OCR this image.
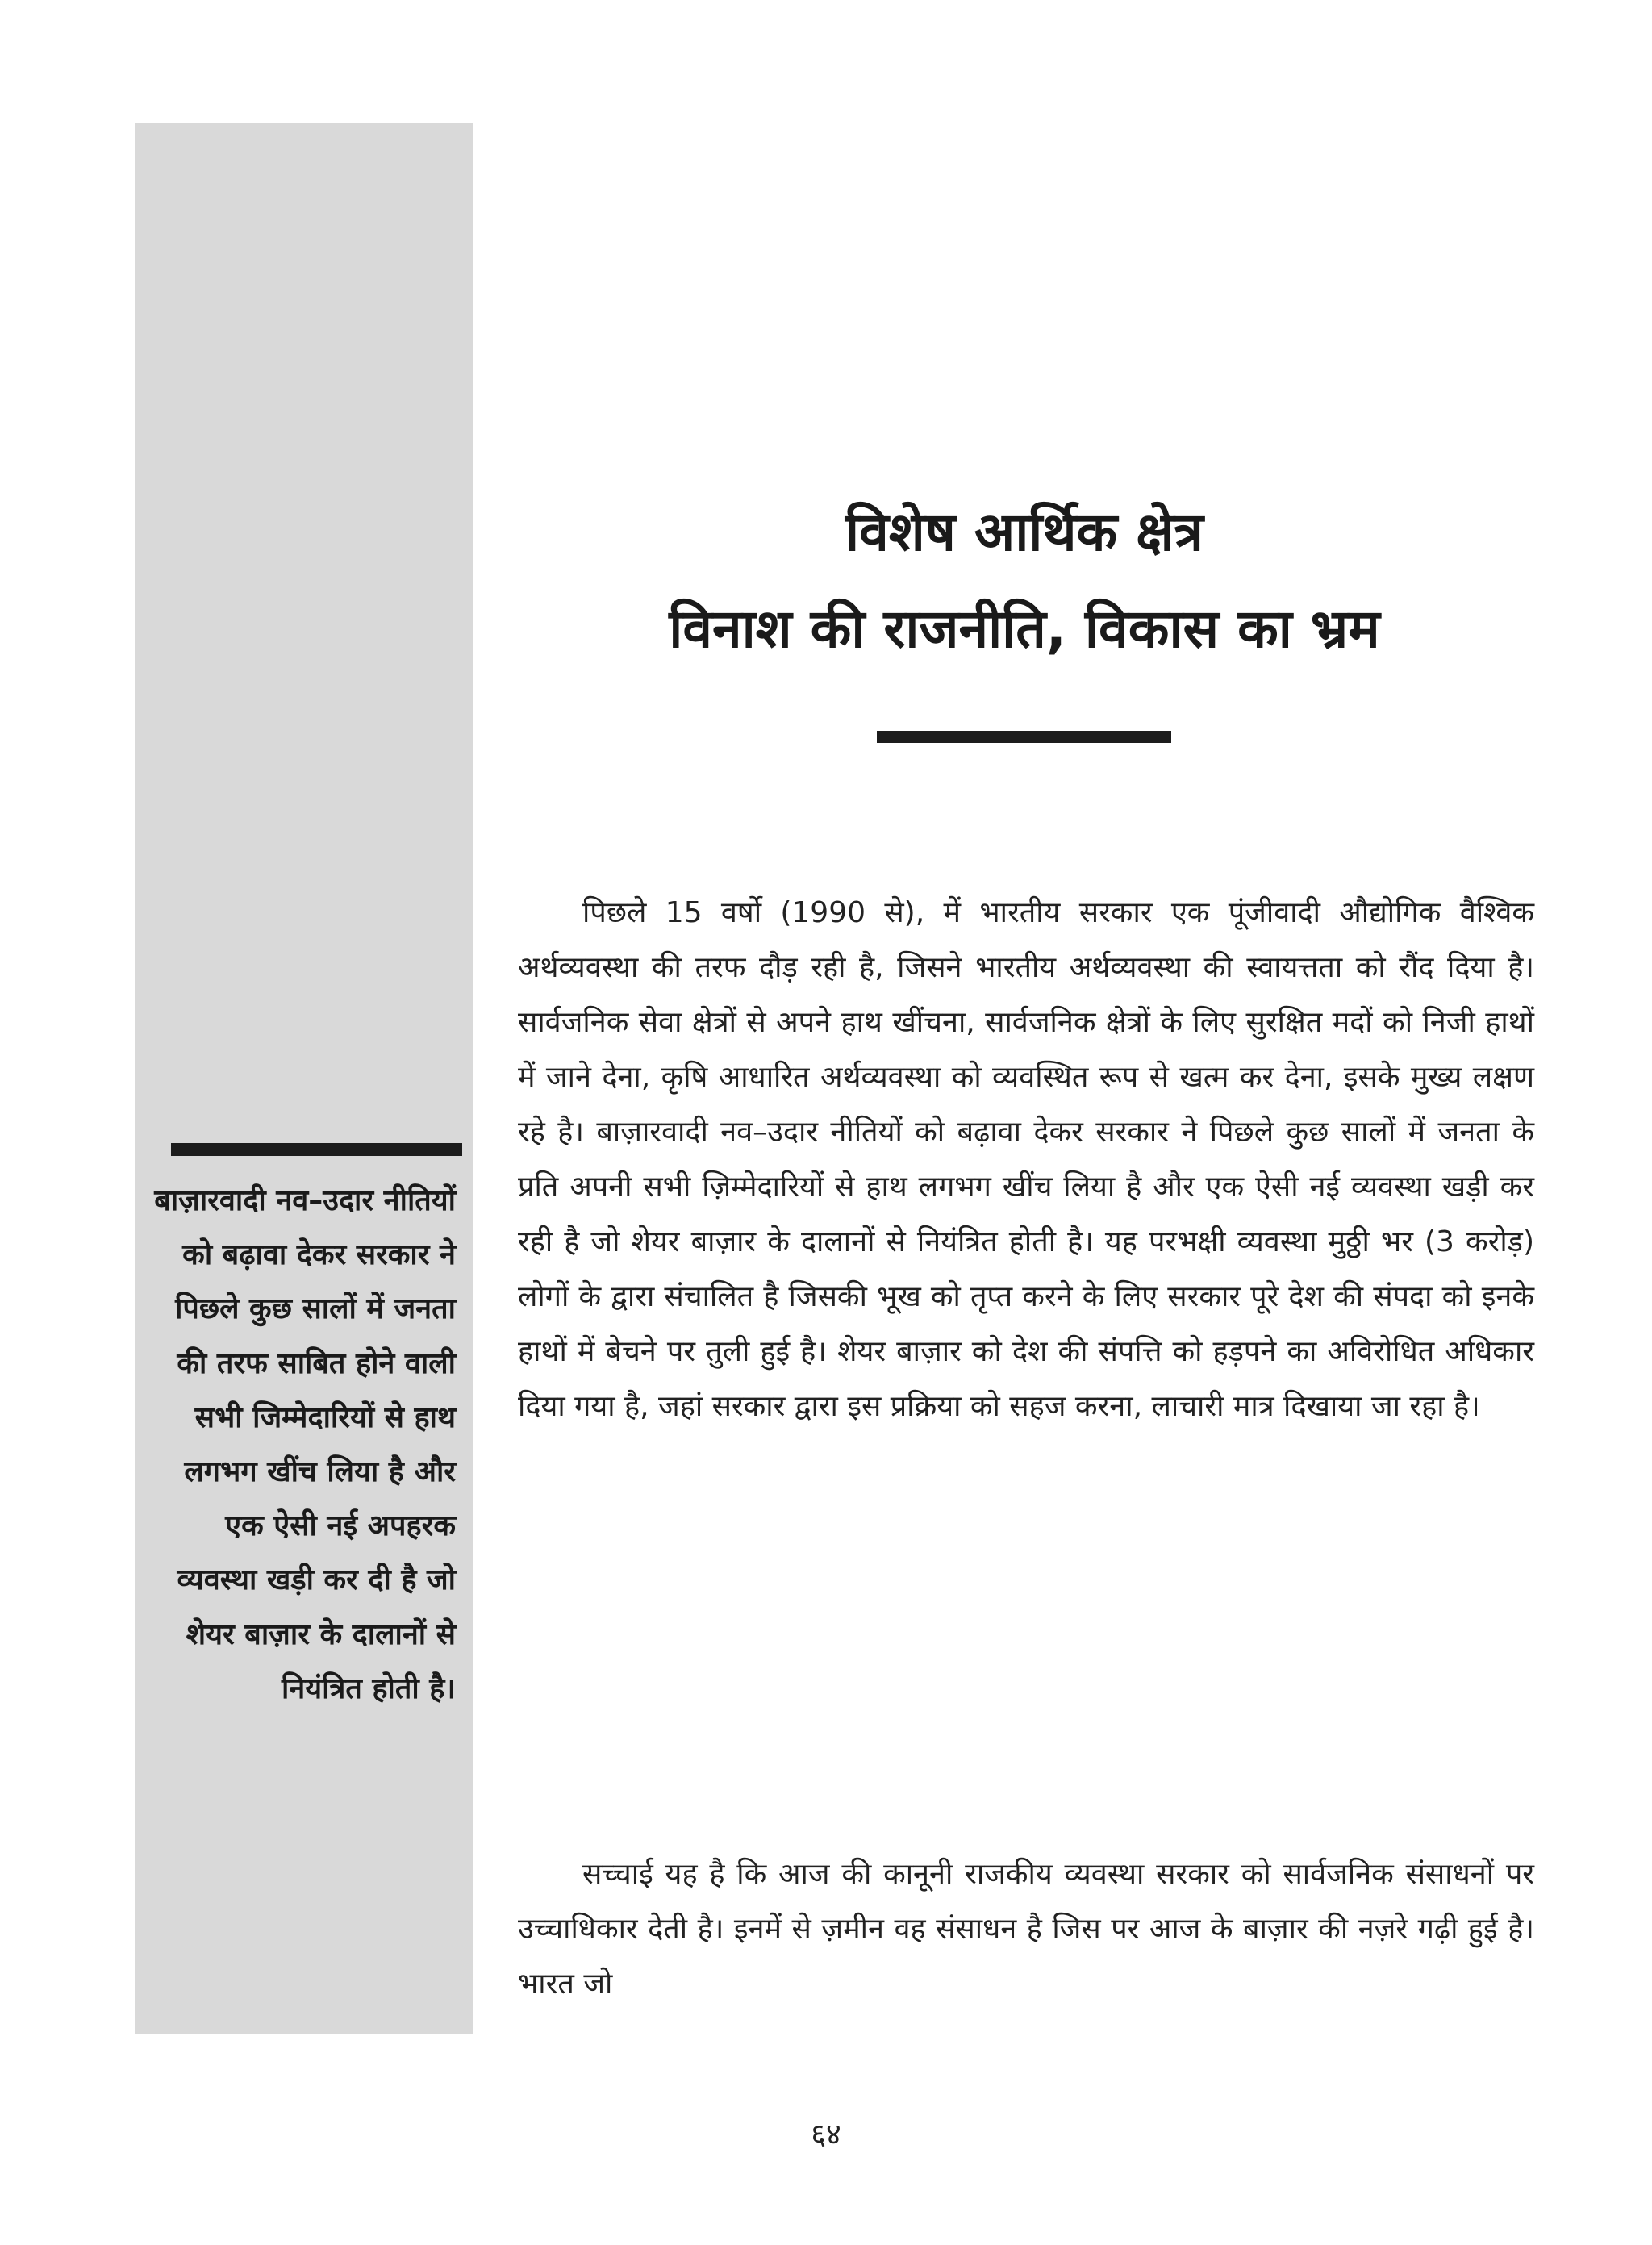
बाज़ारवादी नव–उदार नीतियों को बढ़ावा देकर सरकार ने पिछले कुछ सालों में जनता की तरफ साबित होने वाली सभी जिम्मेदारियों से हाथ लगभग खींच लिया है और एक ऐसी नई अपहरक व्यवस्था खड़ी कर दी है जो शेयर बाज़ार के दालानों से नियंत्रित होती है।

विशेष आर्थिक क्षेत्र
विनाश की राजनीति, विकास का भ्रम

पिछले 15 वर्षो (1990 से), में भारतीय सरकार एक पूंजीवादी औद्योगिक वैश्विक अर्थव्यवस्था की तरफ दौड़ रही है, जिसने भारतीय अर्थव्यवस्था की स्वायत्तता को रौंद दिया है। सार्वजनिक सेवा क्षेत्रों से अपने हाथ खींचना, सार्वजनिक क्षेत्रों के लिए सुरक्षित मदों को निजी हाथों में जाने देना, कृषि आधारित अर्थव्यवस्था को व्यवस्थित रूप से खत्म कर देना, इसके मुख्य लक्षण रहे है। बाज़ारवादी नव–उदार नीतियों को बढ़ावा देकर सरकार ने पिछले कुछ सालों में जनता के प्रति अपनी सभी ज़िम्मेदारियों से हाथ लगभग खींच लिया है और एक ऐसी नई व्यवस्था खड़ी कर रही है जो शेयर बाज़ार के दालानों से नियंत्रित होती है। यह परभक्षी व्यवस्था मुठ्ठी भर (3 करोड़) लोगों के द्वारा संचालित है जिसकी भूख को तृप्त करने के लिए सरकार पूरे देश की संपदा को इनके हाथों में बेचने पर तुली हुई है। शेयर बाज़ार को देश की संपत्ति को हड़पने का अविरोधित अधिकार दिया गया है, जहां सरकार द्वारा इस प्रक्रिया को सहज करना, लाचारी मात्र दिखाया जा रहा है।

सच्चाई यह है कि आज की कानूनी राजकीय व्यवस्था सरकार को सार्वजनिक संसाधनों पर उच्चाधिकार देती है। इनमें से ज़मीन वह संसाधन है जिस पर आज के बाज़ार की नज़रे गढ़ी हुई है। भारत जो

६४
